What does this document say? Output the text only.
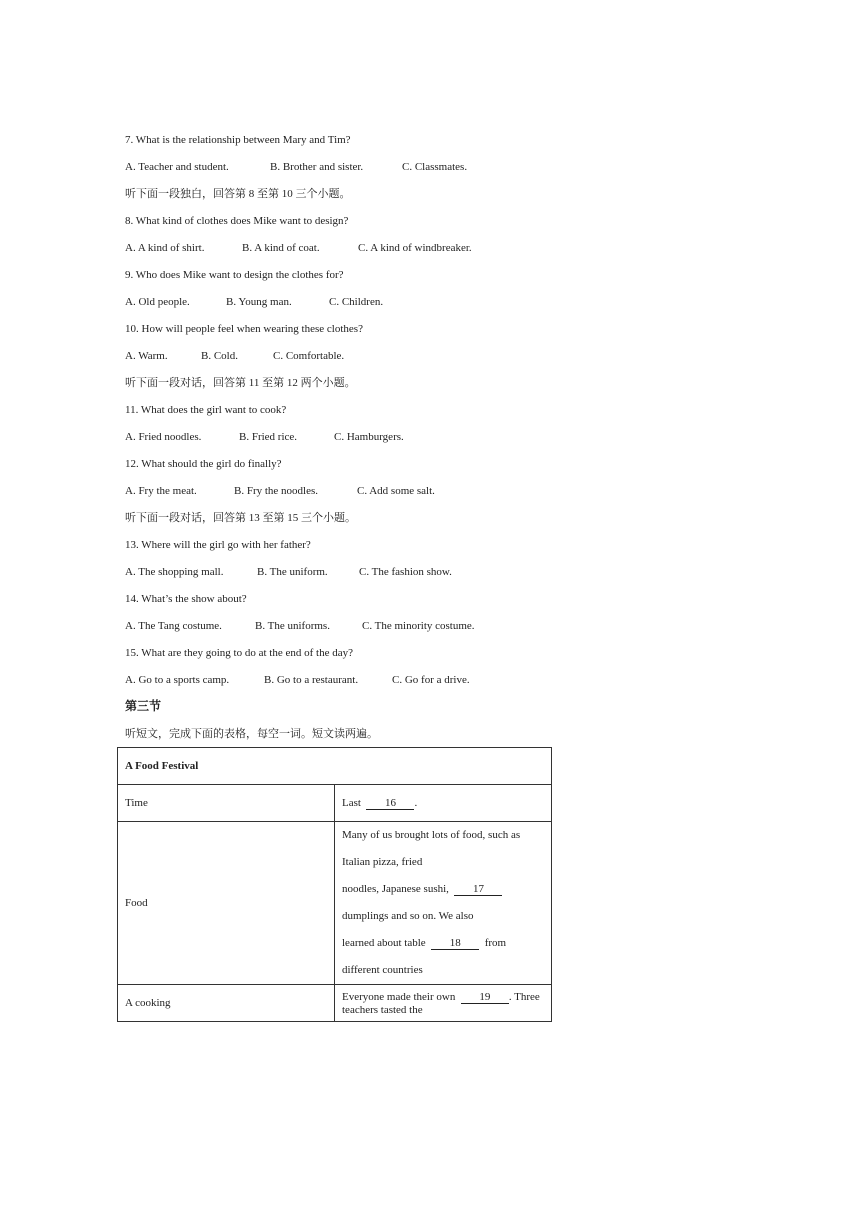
7. What is the relationship between Mary and Tim?
A. Teacher and student.	B. Brother and sister.	C. Classmates.
听下面一段独白，回答第 8 至第 10 三个小题。
8. What kind of clothes does Mike want to design?
A. A kind of shirt.	B. A kind of coat.	C. A kind of windbreaker.
9. Who does Mike want to design the clothes for?
A. Old people.	B. Young man.	C. Children.
10. How will people feel when wearing these clothes?
A. Warm.	B. Cold.	C. Comfortable.
听下面一段对话，回答第 11 至第 12 两个小题。
11. What does the girl want to cook?
A. Fried noodles.	B. Fried rice.	C. Hamburgers.
12. What should the girl do finally?
A. Fry the meat.	B. Fry the noodles.	C. Add some salt.
听下面一段对话，回答第 13 至第 15 三个小题。
13. Where will the girl go with her father?
A. The shopping mall.	B. The uniform.	C. The fashion show.
14. What’s the show about?
A. The Tang costume.	B. The uniforms.	C. The minority costume.
15. What are they going to do at the end of the day?
A. Go to a sports camp.	B. Go to a restaurant.	C. Go for a drive.
第三节
听短文，完成下面的表格，每空一词。短文读两遍。
A Food Festival	
Time	Last 16 .
Food	Many of us brought lots of food, such as Italian pizza, fried
noodles, Japanese sushi, 17  dumplings and so on. We also
learned about table 18 from different countries

A cooking	Everyone made their own 19 . Three teachers tasted the
